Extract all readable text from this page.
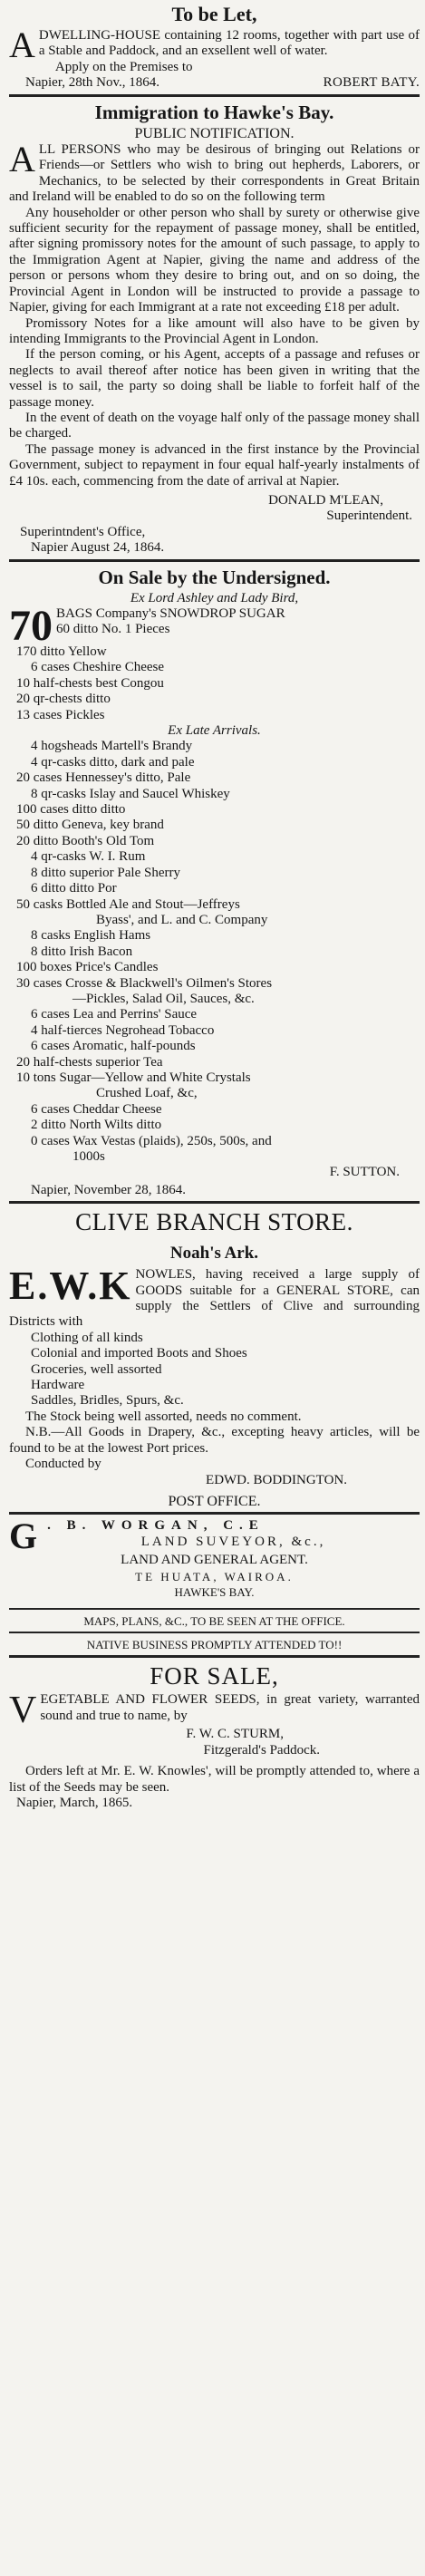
To be Let,

A DWELLING-HOUSE containing 12 rooms, together with part use of a Stable and Paddock, and an exsellent well of water.

Apply on the Premises to

Napier, 28th Nov., 1864.	ROBERT BATY.
Immigration to Hawke's Bay.
PUBLIC NOTIFICATION.

ALL PERSONS who may be desirous of bringing out Relations or Friends—or Settlers who wish to bring out hepherds, Laborers, or Mechanics, to be selected by their correspondents in Great Britain and Ireland will be enabled to do so on the following term

Any householder or other person who shall by surety or otherwise give sufficient security for the repayment of passage money, shall be entitled, after signing promissory notes for the amount of such passage, to apply to the Immigration Agent at Napier, giving the name and address of the person or persons whom they desire to bring out, and on so doing, the Provincial Agent in London will be instructed to provide a passage to Napier, giving for each Immigrant at a rate not exceeding £18 per adult.

Promissory Notes for a like amount will also have to be given by intending Immigrants to the Provincial Agent in London.

If the person coming, or his Agent, accepts of a passage and refuses or neglects to avail thereof after notice has been given in writing that the vessel is to sail, the party so doing shall be liable to forfeit half of the passage money.

In the event of death on the voyage half only of the passage money shall be charged.

The passage money is advanced in the first instance by the Provincial Government, subject to repayment in four equal half-yearly instalments of £4 10s. each, commencing from the date of arrival at Napier.

DONALD M'LEAN,

Superintendent.

Superintndent's Office,

Napier August 24, 1864.

On Sale by the Undersigned.
Ex Lord Ashley and Lady Bird,

70 BAGS Company's SNOWDROP SUGAR

60 ditto No. 1 Pieces

170 ditto Yellow

6 cases Cheshire Cheese

10 half-chests best Congou

20 qr-chests ditto

13 cases Pickles

Ex Late Arrivals.

4 hogsheads Martell's Brandy

4 qr-casks ditto, dark and pale

20 cases Hennessey's ditto, Pale

8 qr-casks Islay and Saucel Whiskey

100 cases ditto ditto

50 ditto Geneva, key brand

20 ditto Booth's Old Tom

4 qr-casks W. I. Rum

8 ditto superior Pale Sherry

6 ditto ditto Por

50 casks Bottled Ale and Stout—Jeffreys

Byass', and L. and C. Company

8 casks English Hams

8 ditto Irish Bacon

100 boxes Price's Candles

30 cases Crosse & Blackwell's Oilmen's Stores

—Pickles, Salad Oil, Sauces, &c.

6 cases Lea and Perrins' Sauce

4 half-tierces Negrohead Tobacco

6 cases Aromatic, half-pounds

20 half-chests superior Tea

10 tons Sugar—Yellow and White Crystals

Crushed Loaf, &c,

6 cases Cheddar Cheese

2 ditto North Wilts ditto

0 cases Wax Vestas (plaids), 250s, 500s, and

1000s

F. SUTTON.

Napier, November 28, 1864.

CLIVE BRANCH STORE.
Noah's Ark.

E.W.K NOWLES, having received a large supply of GOODS suitable for a GENERAL STORE, can supply the Settlers of Clive and surrounding Districts with

Clothing of all kinds

Colonial and imported Boots and Shoes

Groceries, well assorted

Hardware

Saddles, Bridles, Spurs, &c.

The Stock being well assorted, needs no comment.

N.B.—All Goods in Drapery, &c., excepting heavy articles, will be found to be at the lowest Port prices.

Conducted by

EDWD. BODDINGTON.

POST OFFICE.

G . B. WORGAN, C.E

LAND SUVEYOR, &c.,

LAND AND GENERAL AGENT.

TE HUATA, WAIROA.

HAWKE'S BAY.

MAPS, PLANS, &C., TO BE SEEN AT THE OFFICE.

NATIVE BUSINESS PROMPTLY ATTENDED TO!!

FOR SALE,

VEGETABLE AND FLOWER SEEDS, in great variety, warranted sound and true to name, by

F. W. C. STURM,

Fitzgerald's Paddock.

Orders left at Mr. E. W. Knowles', will be promptly attended to, where a list of the Seeds may be seen.

Napier, March, 1865.
